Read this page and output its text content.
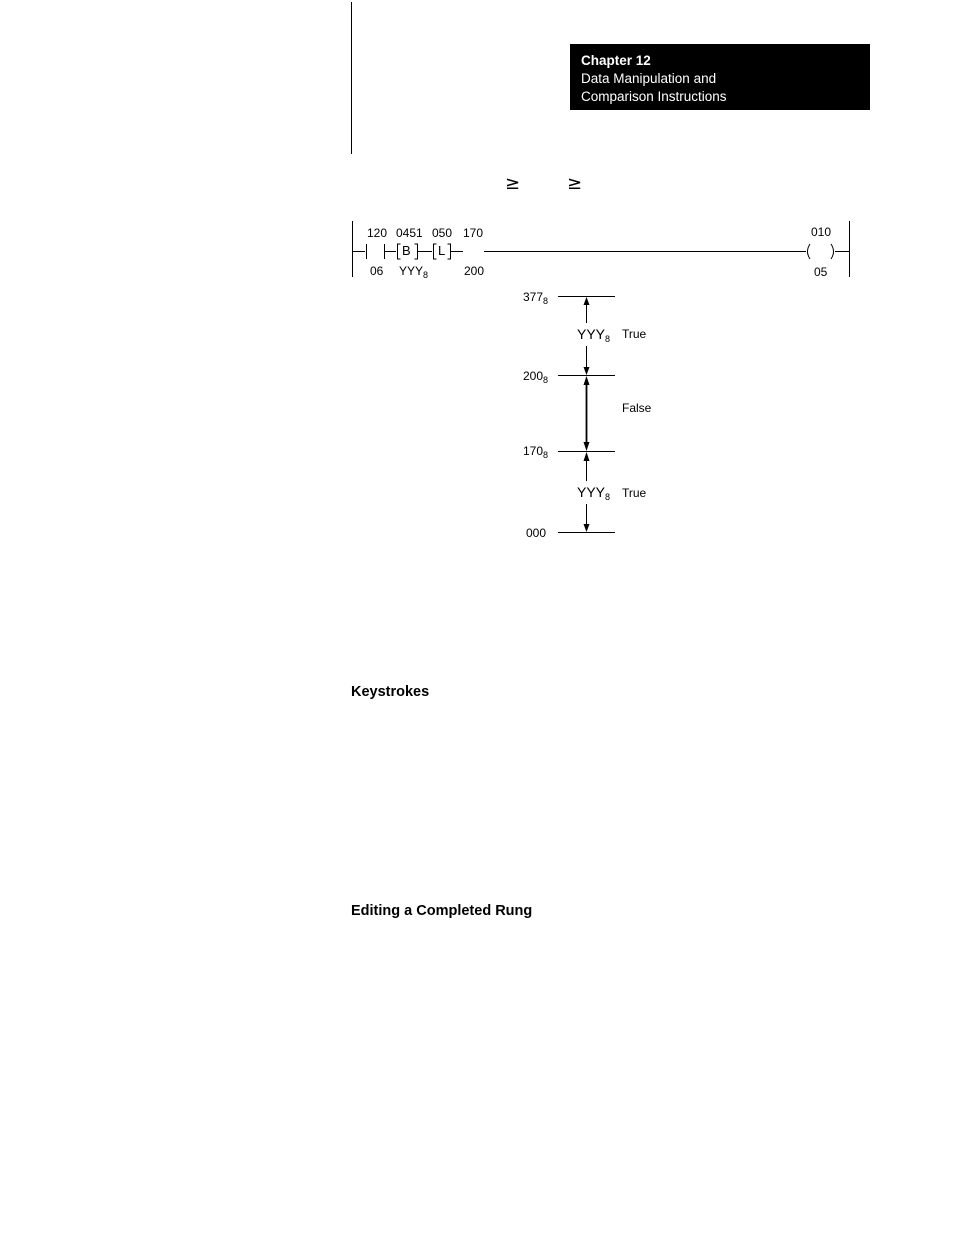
Chapter 12
Data Manipulation and
Comparison Instructions
≥	≥
120
06
0451
B
$YYY_8$
050
L
170
200
010
05
$377_8$
$200_8$
$170_8$
000
$YYY_8$ True
False
$YYY_8$ True
Keystrokes
Editing a Completed Rung
